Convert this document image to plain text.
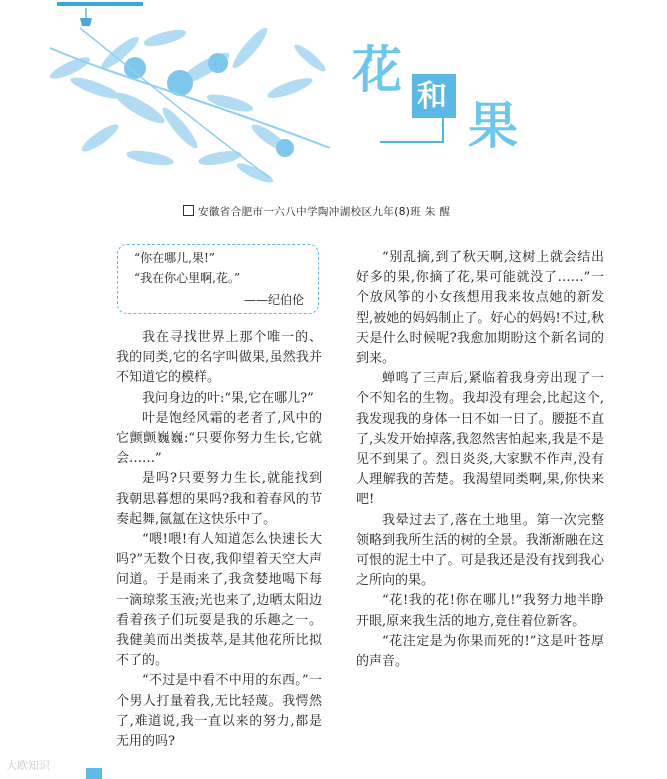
花 和
果
安徽省合肥市一六八中学陶冲湖校区九年(8)班 朱 醒
“你在哪儿,果!”
“我在你心里啊,花。”
——纪伯伦

我在寻找世界上那个唯一的、我的同类,它的名字叫做果,虽然我并不知道它的模样。

我问身边的叶:“果,它在哪儿?”

叶是饱经风霜的老者了,风中的它颤颤巍巍:“只要你努力生长,它就会……”

是吗?只要努力生长,就能找到我朝思暮想的果吗?我和着春风的节奏起舞,氤氲在这快乐中了。

“喂!喂!有人知道怎么快速长大吗?”无数个日夜,我仰望着天空大声问道。于是雨来了,我贪婪地喝下每一滴琼浆玉液;光也来了,边晒太阳边看着孩子们玩耍是我的乐趣之一。我健美而出类拔萃,是其他花所比拟不了的。

“不过是中看不中用的东西。”一个男人打量着我,无比轻蔑。我愕然了,难道说,我一直以来的努力,都是无用的吗?

“别乱摘,到了秋天啊,这树上就会结出好多的果,你摘了花,果可能就没了……”一个放风筝的小女孩想用我来妆点她的新发型,被她的妈妈制止了。好心的妈妈!不过,秋天是什么时候呢?我愈加期盼这个新名词的到来。

蝉鸣了三声后,紧临着我身旁出现了一个不知名的生物。我却没有理会,比起这个,我发现我的身体一日不如一日了。腰挺不直了,头发开始掉落,我忽然害怕起来,我是不是见不到果了。烈日炎炎,大家默不作声,没有人理解我的苦楚。我渴望同类啊,果,你快来吧!

我晕过去了,落在土地里。第一次完整领略到我所生活的树的全景。我渐渐融在这可恨的泥土中了。可是我还是没有找到我心之所向的果。

“花!我的花!你在哪儿!”我努力地半睁开眼,原来我生活的地方,竟住着位新客。

“花注定是为你果而死的!”这是叶苍厚的声音。

大欧知识
